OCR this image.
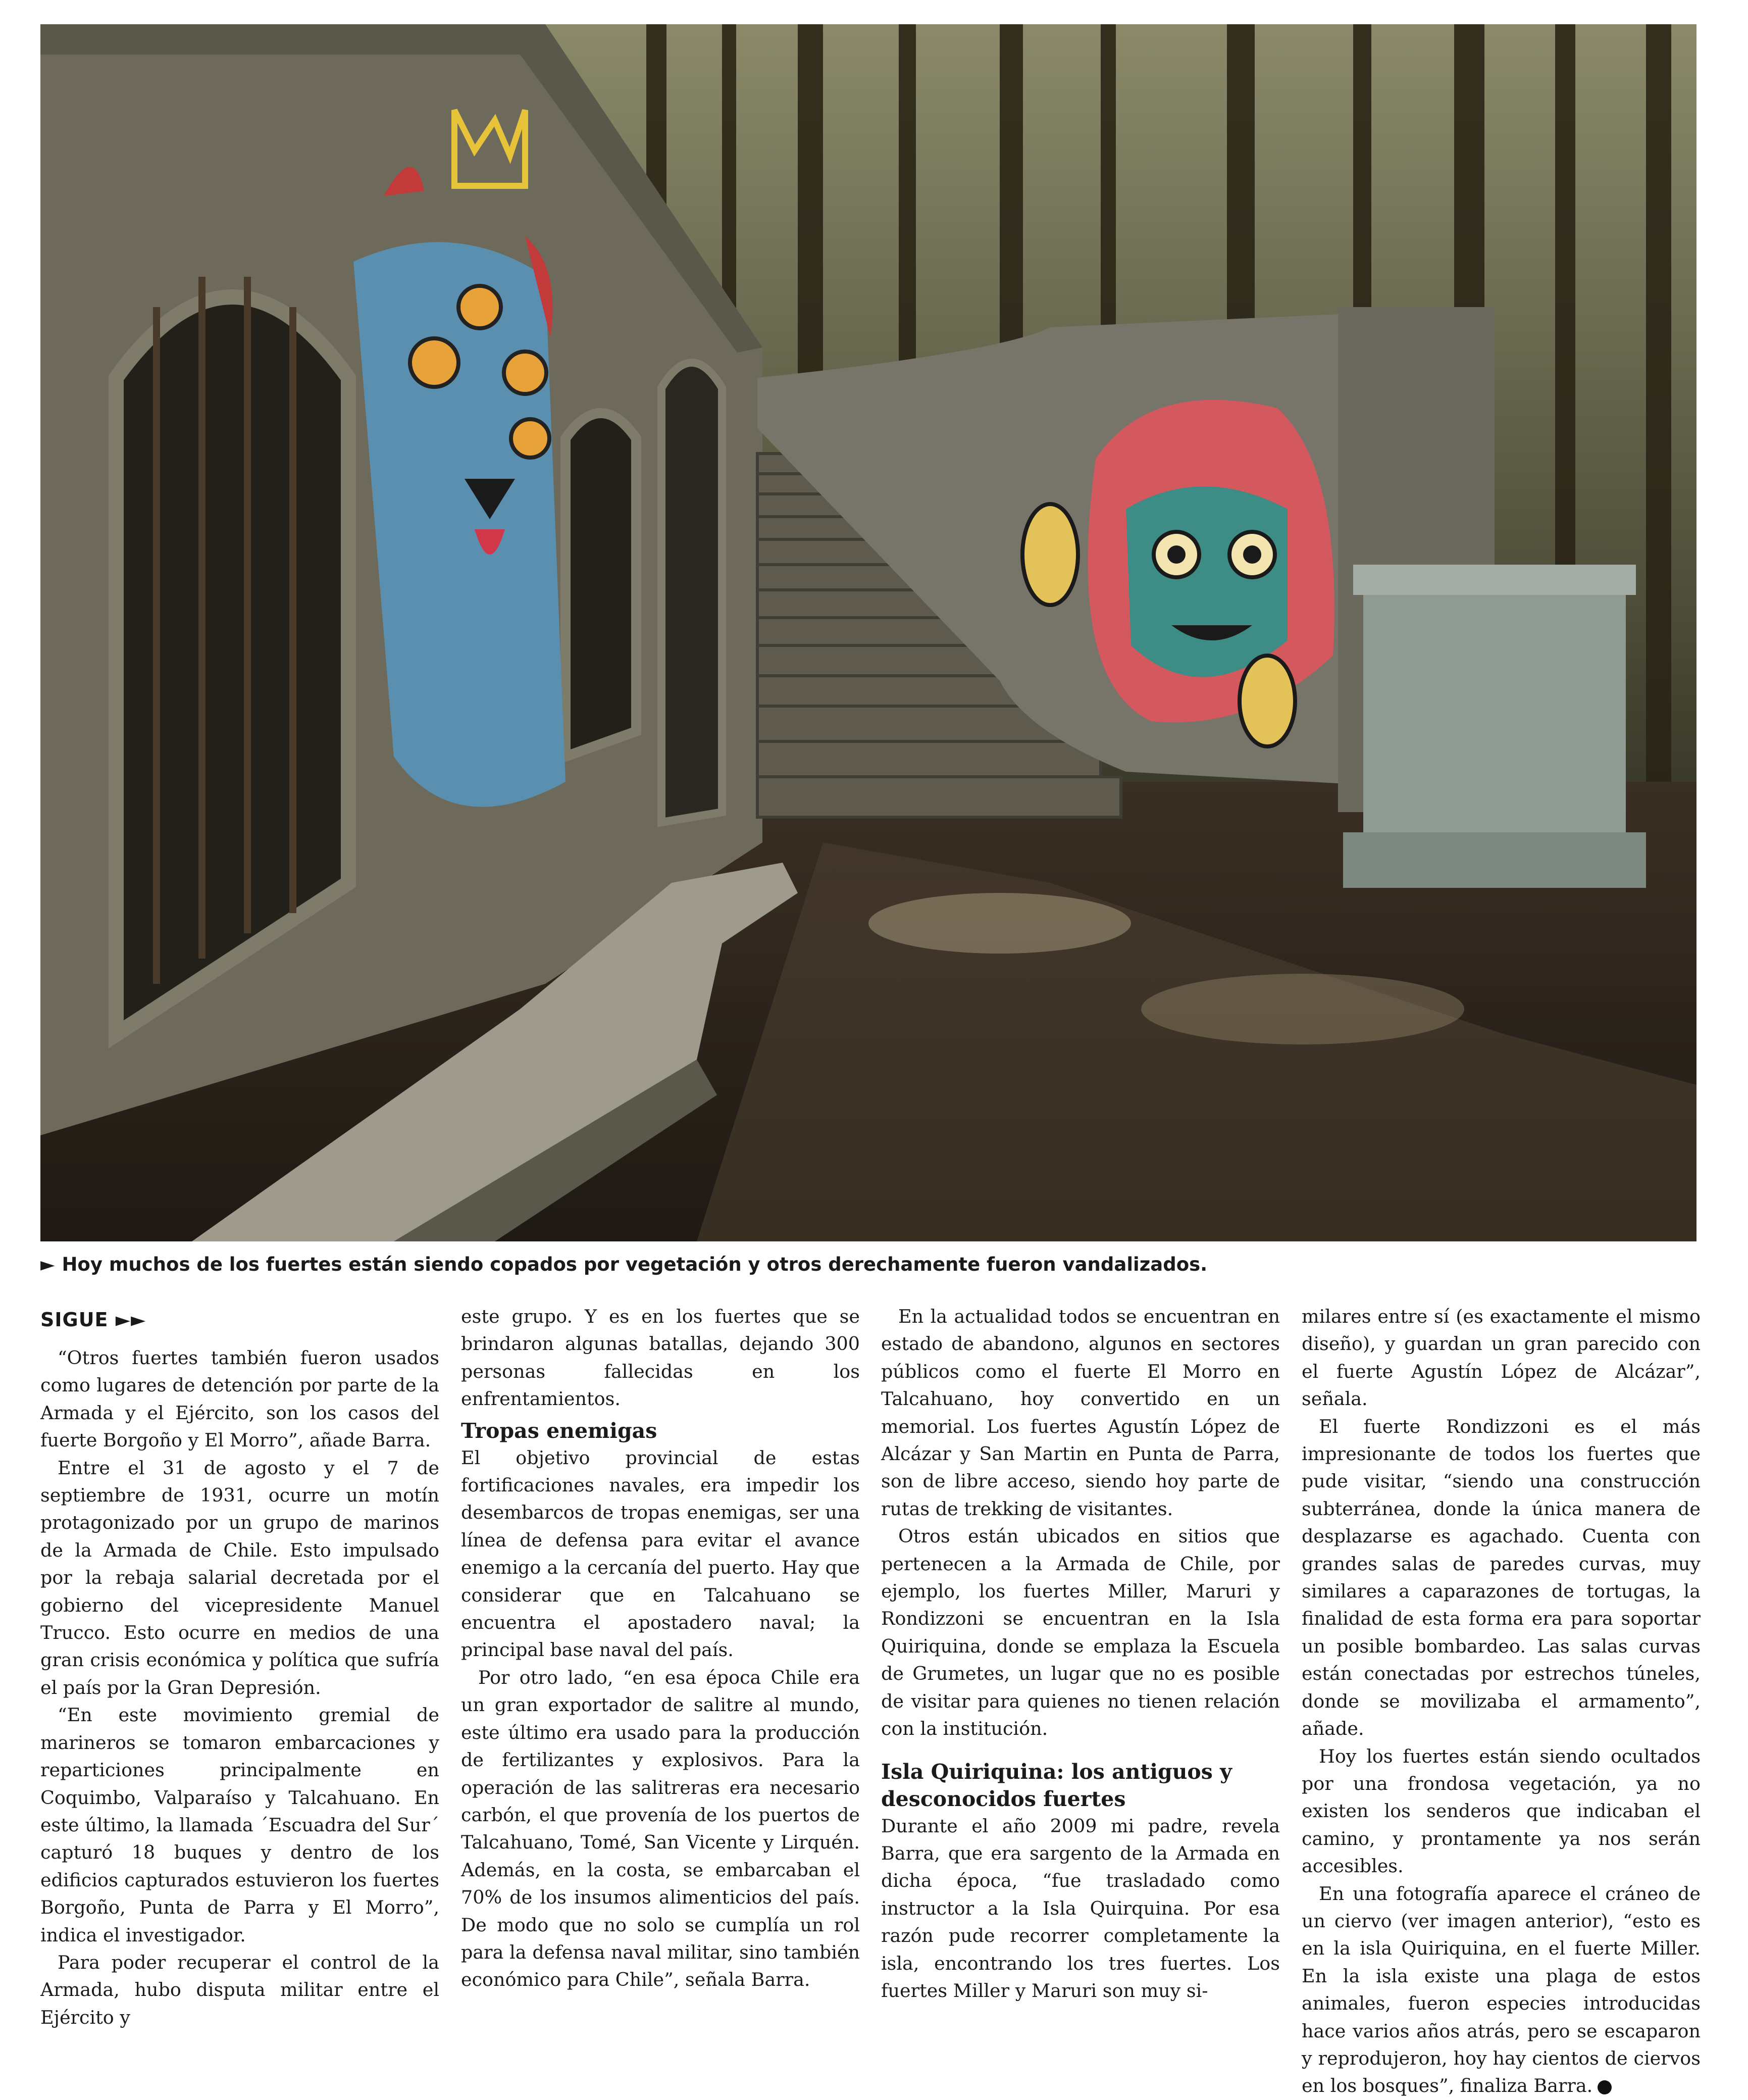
► Hoy muchos de los fuertes están siendo copados por vegetación y otros derechamente fueron vandalizados.
SIGUE ►►

“Otros fuertes también fueron usados como lugares de detención por parte de la Armada y el Ejército, son los casos del fuerte Borgoño y El Morro”, añade Barra.

Entre el 31 de agosto y el 7 de septiembre de 1931, ocurre un motín protagonizado por un grupo de marinos de la Armada de Chile. Esto impulsado por la rebaja salarial decretada por el gobierno del vicepresidente Manuel Trucco. Esto ocurre en medios de una gran crisis económica y política que sufría el país por la Gran Depresión.

“En este movimiento gremial de marineros se tomaron embarcaciones y reparticiones principalmente en Coquimbo, Valparaíso y Talcahuano. En este último, la llamada ´Escuadra del Sur´ capturó 18 buques y dentro de los edificios capturados estuvieron los fuertes Borgoño, Punta de Parra y El Morro”, indica el investigador.

Para poder recuperar el control de la Armada, hubo disputa militar entre el Ejército y

este grupo. Y es en los fuertes que se brindaron algunas batallas, dejando 300 personas fallecidas en los enfrentamientos.

Tropas enemigas

El objetivo provincial de estas fortificaciones navales, era impedir los desembarcos de tropas enemigas, ser una línea de defensa para evitar el avance enemigo a la cercanía del puerto. Hay que considerar que en Talcahuano se encuentra el apostadero naval; la principal base naval del país.

Por otro lado, “en esa época Chile era un gran exportador de salitre al mundo, este último era usado para la producción de fertilizantes y explosivos. Para la operación de las salitreras era necesario carbón, el que provenía de los puertos de Talcahuano, Tomé, San Vicente y Lirquén. Además, en la costa, se embarcaban el 70% de los insumos alimenticios del país. De modo que no solo se cumplía un rol para la defensa naval militar, sino también económico para Chile”, señala Barra.

En la actualidad todos se encuentran en estado de abandono, algunos en sectores públicos como el fuerte El Morro en Talcahuano, hoy convertido en un memorial. Los fuertes Agustín López de Alcázar y San Martin en Punta de Parra, son de libre acceso, siendo hoy parte de rutas de trekking de visitantes.

Otros están ubicados en sitios que pertenecen a la Armada de Chile, por ejemplo, los fuertes Miller, Maruri y Rondizzoni se encuentran en la Isla Quiriquina, donde se emplaza la Escuela de Grumetes, un lugar que no es posible de visitar para quienes no tienen relación con la institución.

Isla Quiriquina: los antiguos y desconocidos fuertes

Durante el año 2009 mi padre, revela Barra, que era sargento de la Armada en dicha época, “fue trasladado como instructor a la Isla Quirquina. Por esa razón pude recorrer completamente la isla, encontrando los tres fuertes. Los fuertes Miller y Maruri son muy si-

milares entre sí (es exactamente el mismo diseño), y guardan un gran parecido con el fuerte Agustín López de Alcázar”, señala.

El fuerte Rondizzoni es el más impresionante de todos los fuertes que pude visitar, “siendo una construcción subterránea, donde la única manera de desplazarse es agachado. Cuenta con grandes salas de paredes curvas, muy similares a caparazones de tortugas, la finalidad de esta forma era para soportar un posible bombardeo. Las salas curvas están conectadas por estrechos túneles, donde se movilizaba el armamento”, añade.

Hoy los fuertes están siendo ocultados por una frondosa vegetación, ya no existen los senderos que indicaban el camino, y prontamente ya nos serán accesibles.

En una fotografía aparece el cráneo de un ciervo (ver imagen anterior), “esto es en la isla Quiriquina, en el fuerte Miller. En la isla existe una plaga de estos animales, fueron especies introducidas hace varios años atrás, pero se escaparon y reprodujeron, hoy hay cientos de ciervos en los bosques”, finaliza Barra.
